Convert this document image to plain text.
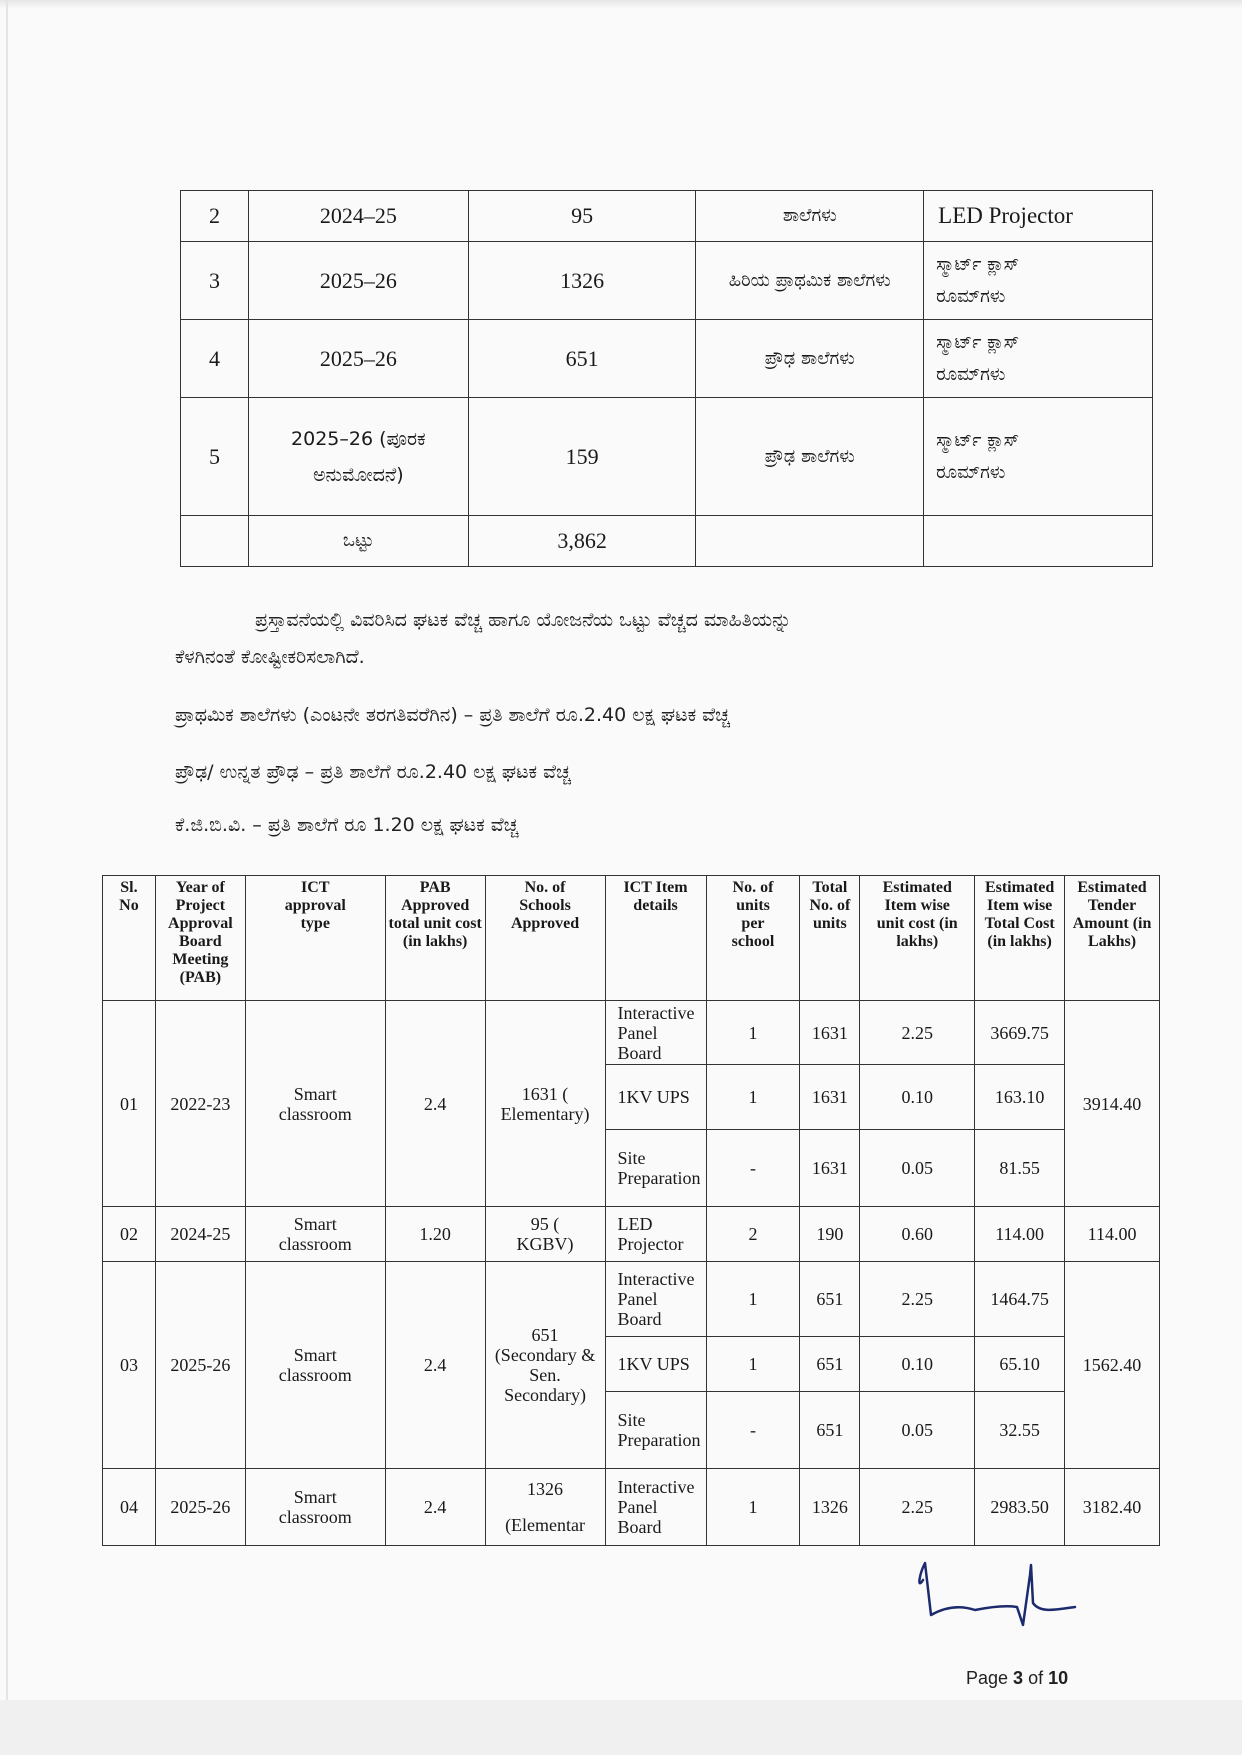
2	2024–25	95	ಶಾಲೆಗಳು	LED Projector
3	2025–26	1326	ಹಿರಿಯ ಪ್ರಾಥಮಿಕ ಶಾಲೆಗಳು	ಸ್ಮಾರ್ಟ್ ಕ್ಲಾಸ್ ರೂಮ್‌ಗಳು
4	2025–26	651	ಪ್ರೌಢ ಶಾಲೆಗಳು	ಸ್ಮಾರ್ಟ್ ಕ್ಲಾಸ್ ರೂಮ್‌ಗಳು
5	2025–26 (ಪೂರಕ ಅನುಮೋದನೆ)	159	ಪ್ರೌಢ ಶಾಲೆಗಳು	ಸ್ಮಾರ್ಟ್ ಕ್ಲಾಸ್ ರೂಮ್‌ಗಳು
	ಒಟ್ಟು	3,862		
ಪ್ರಸ್ತಾವನೆಯಲ್ಲಿ ವಿವರಿಸಿದ ಘಟಕ ವೆಚ್ಚ ಹಾಗೂ ಯೋಜನೆಯ ಒಟ್ಟು ವೆಚ್ಚದ ಮಾಹಿತಿಯನ್ನು
ಕೆಳಗಿನಂತೆ ಕೋಷ್ಟೀಕರಿಸಲಾಗಿದೆ.
ಪ್ರಾಥಮಿಕ ಶಾಲೆಗಳು (ಎಂಟನೇ ತರಗತಿವರೆಗಿನ) – ಪ್ರತಿ ಶಾಲೆಗೆ ರೂ.2.40 ಲಕ್ಷ ಘಟಕ ವೆಚ್ಚ
ಪ್ರೌಢ/ ಉನ್ನತ ಪ್ರೌಢ – ಪ್ರತಿ ಶಾಲೆಗೆ ರೂ.2.40 ಲಕ್ಷ ಘಟಕ ವೆಚ್ಚ
ಕೆ.ಜಿ.ಬಿ.ವಿ. – ಪ್ರತಿ ಶಾಲೆಗೆ ರೂ 1.20 ಲಕ್ಷ ಘಟಕ ವೆಚ್ಚ
Sl. No	Year of Project Approval Board Meeting (PAB)	ICT approval type	PAB Approved total unit cost (in lakhs)	No. of Schools Approved	ICT Item details	No. of units per school	Total No. of units	Estimated Item wise unit cost (in lakhs)	Estimated Item wise Total Cost (in lakhs)	Estimated Tender Amount (in Lakhs)
01	2022-23	Smart classroom	2.4	1631 ( Elementary)	Interactive Panel Board	1	1631	2.25	3669.75	3914.40
					1KV UPS	1	1631	0.10	163.10	
					Site Preparation	-	1631	0.05	81.55	
02	2024-25	Smart classroom	1.20	95 ( KGBV)	LED Projector	2	190	0.60	114.00	114.00
03	2025-26	Smart classroom	2.4	651 (Secondary & Sen. Secondary)	Interactive Panel Board	1	651	2.25	1464.75	1562.40
					1KV UPS	1	651	0.10	65.10	
					Site Preparation	-	651	0.05	32.55	
04	2025-26	Smart classroom	2.4	1326 (Elementar	Interactive Panel Board	1	1326	2.25	2983.50	3182.40
Page 3 of 10
